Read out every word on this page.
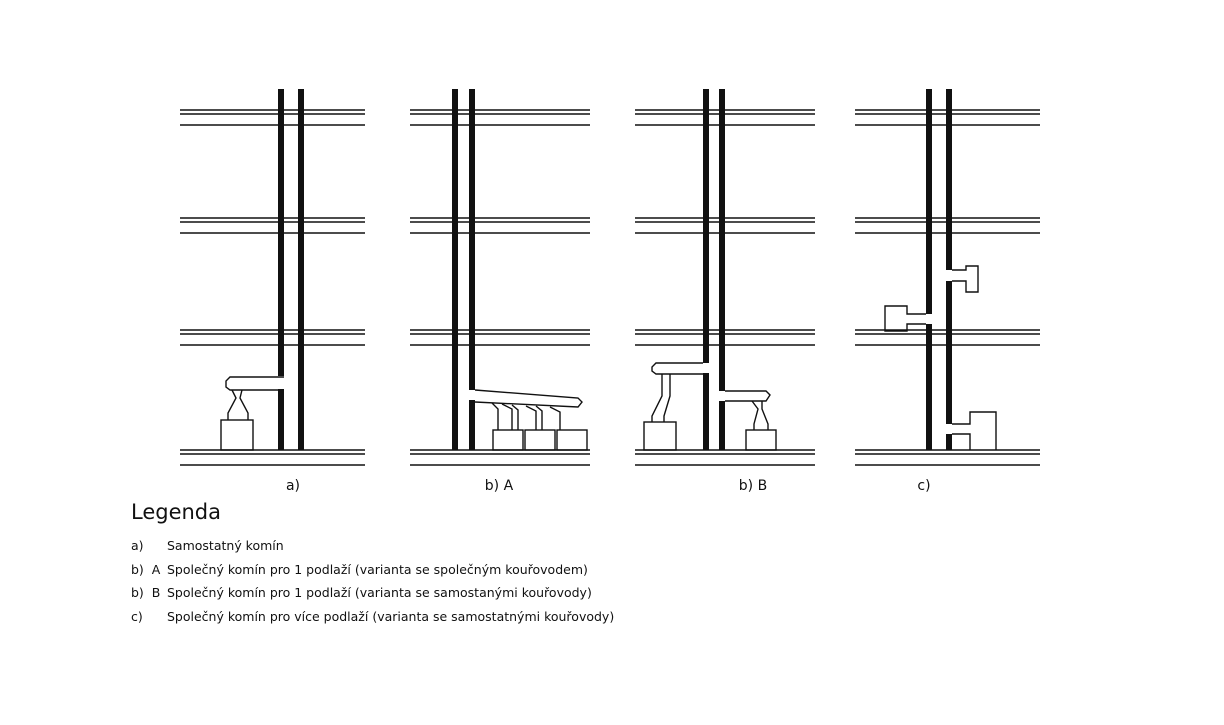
a)	b) A	b) B	c)
Legenda
a) Samostatný komín
b)  A Společný komín pro 1 podlaží (varianta se společným kouřovodem)
b)  B Společný komín pro 1 podlaží (varianta se samostanými kouřovody)
c) Společný komín pro více podlaží (varianta se samostatnými kouřovody)
